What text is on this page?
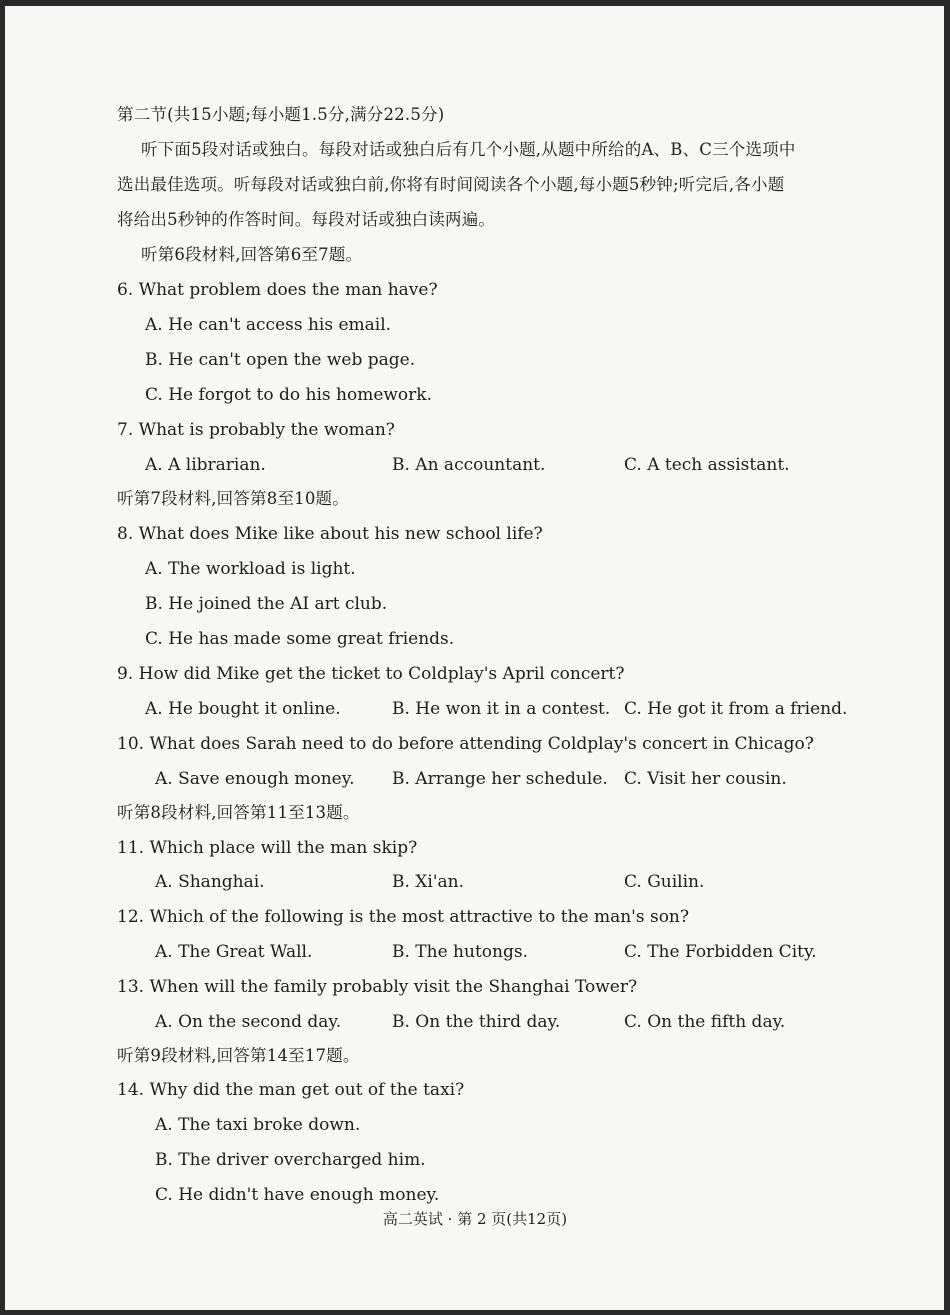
第二节(共15小题;每小题1.5分,满分22.5分)
听下面5段对话或独白。每段对话或独白后有几个小题,从题中所给的A、B、C三个选项中
选出最佳选项。听每段对话或独白前,你将有时间阅读各个小题,每小题5秒钟;听完后,各小题
将给出5秒钟的作答时间。每段对话或独白读两遍。
听第6段材料,回答第6至7题。
6. What problem does the man have?
A. He can't access his email.
B. He can't open the web page.
C. He forgot to do his homework.
7. What is probably the woman?
A. A librarian.	B. An accountant.	C. A tech assistant.
听第7段材料,回答第8至10题。
8. What does Mike like about his new school life?
A. The workload is light.
B. He joined the AI art club.
C. He has made some great friends.
9. How did Mike get the ticket to Coldplay's April concert?
A. He bought it online.	B. He won it in a contest. C. He got it from a friend.
10. What does Sarah need to do before attending Coldplay's concert in Chicago?
A. Save enough money. B. Arrange her schedule. C. Visit her cousin.
听第8段材料,回答第11至13题。
11. Which place will the man skip?
A. Shanghai.	B. Xi'an.	C. Guilin.
12. Which of the following is the most attractive to the man's son?
A. The Great Wall.	B. The hutongs.	C. The Forbidden City.
13. When will the family probably visit the Shanghai Tower?
A. On the second day.	B. On the third day.	C. On the fifth day.
听第9段材料,回答第14至17题。
14. Why did the man get out of the taxi?
A. The taxi broke down.
B. The driver overcharged him.
C. He didn't have enough money.
高二英试 · 第 2 页(共12页)
